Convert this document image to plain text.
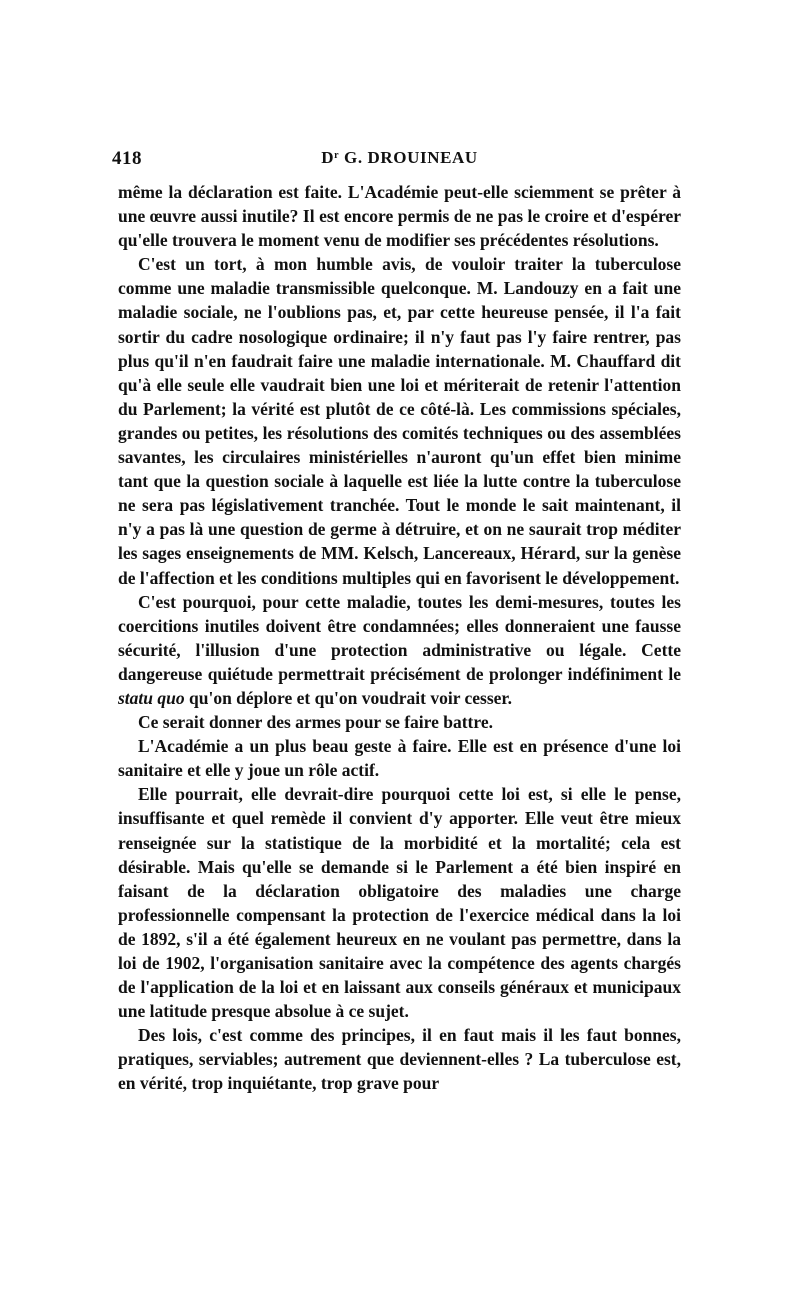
418	$D^r$ G. DROUINEAU

même la déclaration est faite. L'Académie peut-elle sciemment se prêter à une œuvre aussi inutile? Il est encore permis de ne pas le croire et d'espérer qu'elle trouvera le moment venu de modifier ses précédentes résolutions.

C'est un tort, à mon humble avis, de vouloir traiter la tuberculose comme une maladie transmissible quelconque. M. Landouzy en a fait une maladie sociale, ne l'oublions pas, et, par cette heureuse pensée, il l'a fait sortir du cadre nosologique ordinaire; il n'y faut pas l'y faire rentrer, pas plus qu'il n'en faudrait faire une maladie internationale. M. Chauffard dit qu'à elle seule elle vaudrait bien une loi et mériterait de retenir l'attention du Parlement; la vérité est plutôt de ce côté-là. Les commissions spéciales, grandes ou petites, les résolutions des comités techniques ou des assemblées savantes, les circulaires ministérielles n'auront qu'un effet bien minime tant que la question sociale à laquelle est liée la lutte contre la tuberculose ne sera pas législativement tranchée. Tout le monde le sait maintenant, il n'y a pas là une question de germe à détruire, et on ne saurait trop méditer les sages enseignements de MM. Kelsch, Lancereaux, Hérard, sur la genèse de l'affection et les conditions multiples qui en favorisent le développement.

C'est pourquoi, pour cette maladie, toutes les demi-mesures, toutes les coercitions inutiles doivent être condamnées; elles donneraient une fausse sécurité, l'illusion d'une protection administrative ou légale. Cette dangereuse quiétude permettrait précisément de prolonger indéfiniment le statu quo qu'on déplore et qu'on voudrait voir cesser.

Ce serait donner des armes pour se faire battre.

L'Académie a un plus beau geste à faire. Elle est en présence d'une loi sanitaire et elle y joue un rôle actif.

Elle pourrait, elle devrait-dire pourquoi cette loi est, si elle le pense, insuffisante et quel remède il convient d'y apporter. Elle veut être mieux renseignée sur la statistique de la morbidité et la mortalité; cela est désirable. Mais qu'elle se demande si le Parlement a été bien inspiré en faisant de la déclaration obligatoire des maladies une charge professionnelle compensant la protection de l'exercice médical dans la loi de 1892, s'il a été également heureux en ne voulant pas permettre, dans la loi de 1902, l'organisation sanitaire avec la compétence des agents chargés de l'application de la loi et en laissant aux conseils généraux et municipaux une latitude presque absolue à ce sujet.

Des lois, c'est comme des principes, il en faut mais il les faut bonnes, pratiques, serviables; autrement que deviennent-elles ? La tuberculose est, en vérité, trop inquiétante, trop grave pour
